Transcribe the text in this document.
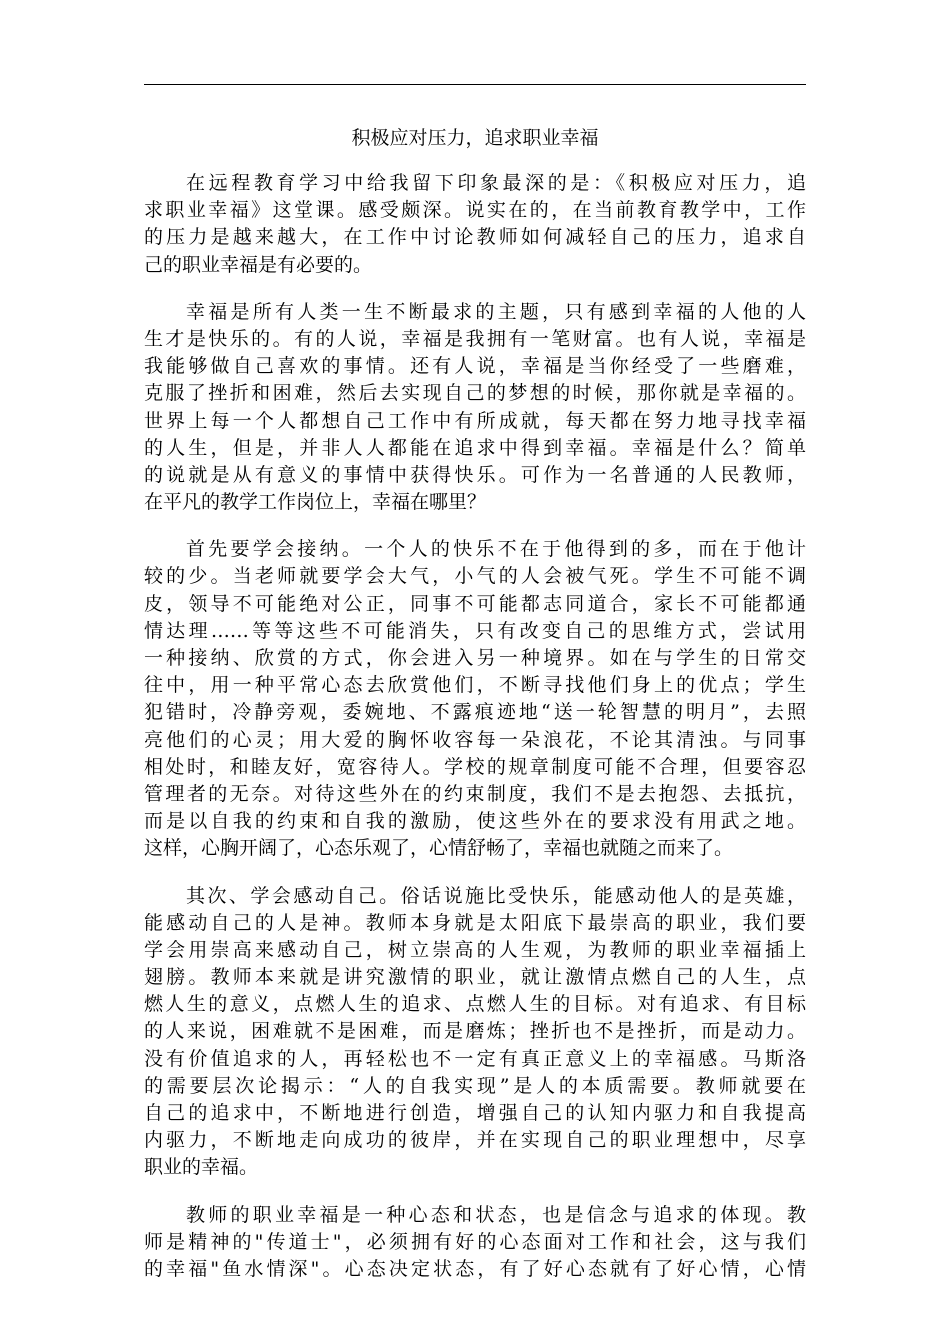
积极应对压力，追求职业幸福
在远程教育学习中给我留下印象最深的是：《积极应对压力，追
求职业幸福》这堂课。感受颇深。说实在的，在当前教育教学中，工作
的压力是越来越大，在工作中讨论教师如何减轻自己的压力，追求自
己的职业幸福是有必要的。
幸福是所有人类一生不断最求的主题，只有感到幸福的人他的人
生才是快乐的。有的人说，幸福是我拥有一笔财富。也有人说，幸福是
我能够做自己喜欢的事情。还有人说，幸福是当你经受了一些磨难，
克服了挫折和困难，然后去实现自己的梦想的时候，那你就是幸福的。
世界上每一个人都想自己工作中有所成就，每天都在努力地寻找幸福
的人生，但是，并非人人都能在追求中得到幸福。幸福是什么？简单
的说就是从有意义的事情中获得快乐。可作为一名普通的人民教师，
在平凡的教学工作岗位上，幸福在哪里？
首先要学会接纳。一个人的快乐不在于他得到的多，而在于他计
较的少。当老师就要学会大气，小气的人会被气死。学生不可能不调
皮，领导不可能绝对公正，同事不可能都志同道合，家长不可能都通
情达理……等等这些不可能消失，只有改变自己的思维方式，尝试用
一种接纳、欣赏的方式，你会进入另一种境界。如在与学生的日常交
往中，用一种平常心态去欣赏他们，不断寻找他们身上的优点；学生
犯错时，冷静旁观，委婉地、不露痕迹地“送一轮智慧的明月”，去照
亮他们的心灵；用大爱的胸怀收容每一朵浪花，不论其清浊。与同事
相处时，和睦友好，宽容待人。学校的规章制度可能不合理，但要容忍
管理者的无奈。对待这些外在的约束制度，我们不是去抱怨、去抵抗，
而是以自我的约束和自我的激励，使这些外在的要求没有用武之地。
这样，心胸开阔了，心态乐观了，心情舒畅了，幸福也就随之而来了。
其次、学会感动自己。俗话说施比受快乐，能感动他人的是英雄，
能感动自己的人是神。教师本身就是太阳底下最崇高的职业，我们要
学会用崇高来感动自己，树立崇高的人生观，为教师的职业幸福插上
翅膀。教师本来就是讲究激情的职业，就让激情点燃自己的人生，点
燃人生的意义，点燃人生的追求、点燃人生的目标。对有追求、有目标
的人来说，困难就不是困难，而是磨炼；挫折也不是挫折，而是动力。
没有价值追求的人，再轻松也不一定有真正意义上的幸福感。马斯洛
的需要层次论揭示：“人的自我实现”是人的本质需要。教师就要在
自己的追求中，不断地进行创造，增强自己的认知内驱力和自我提高
内驱力，不断地走向成功的彼岸，并在实现自己的职业理想中，尽享
职业的幸福。
教师的职业幸福是一种心态和状态，也是信念与追求的体现。教
师是精神的"传道士"，必须拥有好的心态面对工作和社会，这与我们
的幸福"鱼水情深"。心态决定状态，有了好心态就有了好心情，心情
